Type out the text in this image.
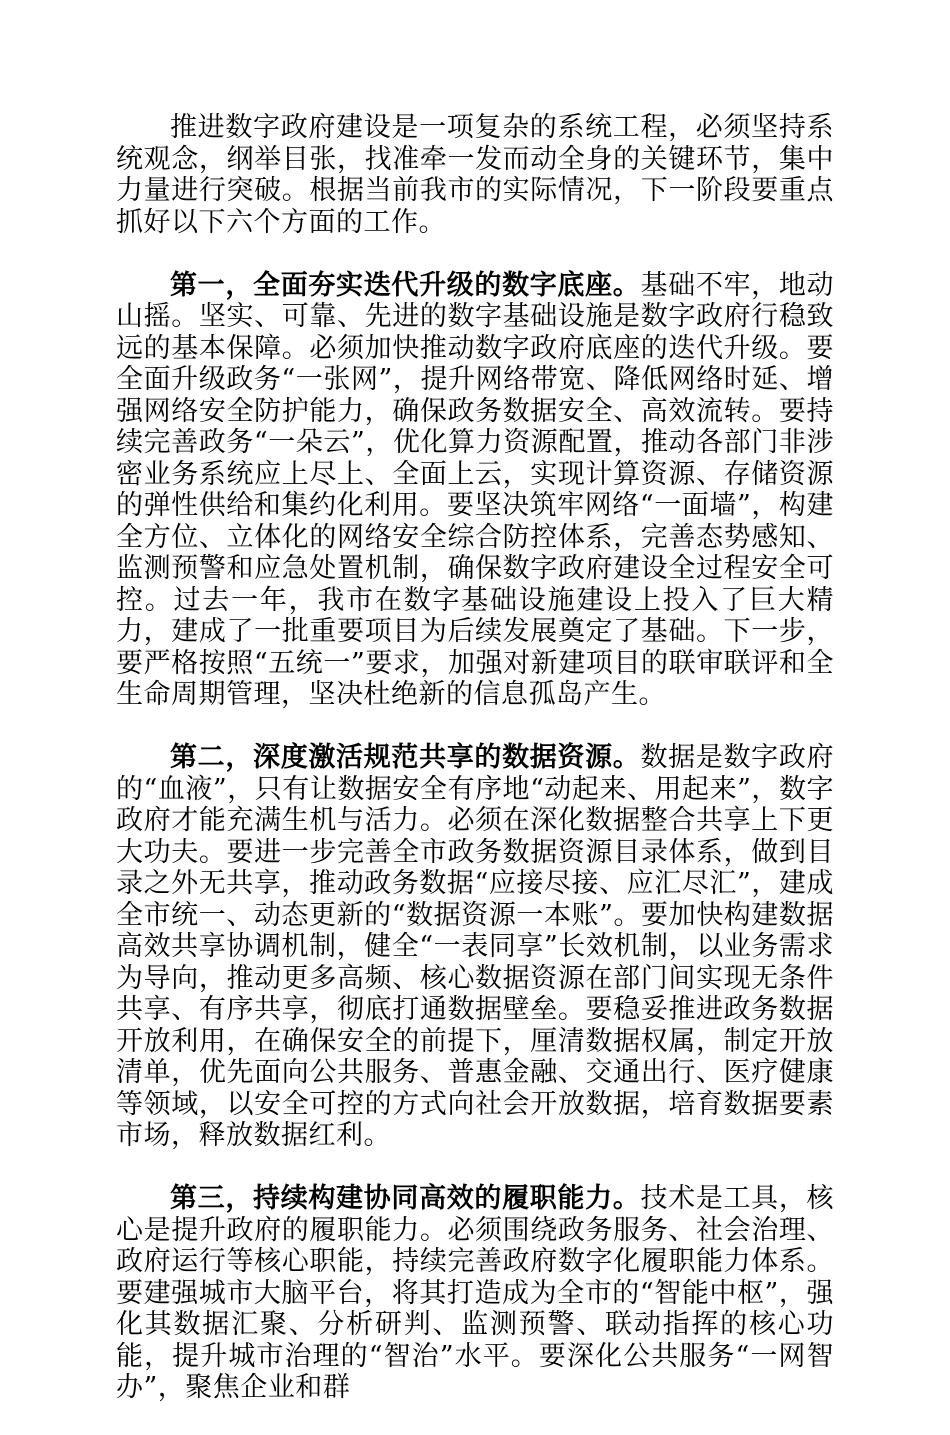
推进数字政府建设是一项复杂的系统工程，必须坚持系统观念，纲举目张，找准牵一发而动全身的关键环节，集中力量进行突破。根据当前我市的实际情况，下一阶段要重点抓好以下六个方面的工作。

第一，全面夯实迭代升级的数字底座。基础不牢，地动山摇。坚实、可靠、先进的数字基础设施是数字政府行稳致远的基本保障。必须加快推动数字政府底座的迭代升级。要全面升级政务“一张网”，提升网络带宽、降低网络时延、增强网络安全防护能力，确保政务数据安全、高效流转。要持续完善政务“一朵云”，优化算力资源配置，推动各部门非涉密业务系统应上尽上、全面上云，实现计算资源、存储资源的弹性供给和集约化利用。要坚决筑牢网络“一面墙”，构建全方位、立体化的网络安全综合防控体系，完善态势感知、监测预警和应急处置机制，确保数字政府建设全过程安全可控。过去一年，我市在数字基础设施建设上投入了巨大精力，建成了一批重要项目为后续发展奠定了基础。下一步，要严格按照“五统一”要求，加强对新建项目的联审联评和全生命周期管理，坚决杜绝新的信息孤岛产生。

第二，深度激活规范共享的数据资源。数据是数字政府的“血液”，只有让数据安全有序地“动起来、用起来”，数字政府才能充满生机与活力。必须在深化数据整合共享上下更大功夫。要进一步完善全市政务数据资源目录体系，做到目录之外无共享，推动政务数据“应接尽接、应汇尽汇”，建成全市统一、动态更新的“数据资源一本账”。要加快构建数据高效共享协调机制，健全“一表同享”长效机制，以业务需求为导向，推动更多高频、核心数据资源在部门间实现无条件共享、有序共享，彻底打通数据壁垒。要稳妥推进政务数据开放利用，在确保安全的前提下，厘清数据权属，制定开放清单，优先面向公共服务、普惠金融、交通出行、医疗健康等领域，以安全可控的方式向社会开放数据，培育数据要素市场，释放数据红利。

第三，持续构建协同高效的履职能力。技术是工具，核心是提升政府的履职能力。必须围绕政务服务、社会治理、政府运行等核心职能，持续完善政府数字化履职能力体系。要建强城市大脑平台，将其打造成为全市的“智能中枢”，强化其数据汇聚、分析研判、监测预警、联动指挥的核心功能，提升城市治理的“智治”水平。要深化公共服务“一网智办”，聚焦企业和群
